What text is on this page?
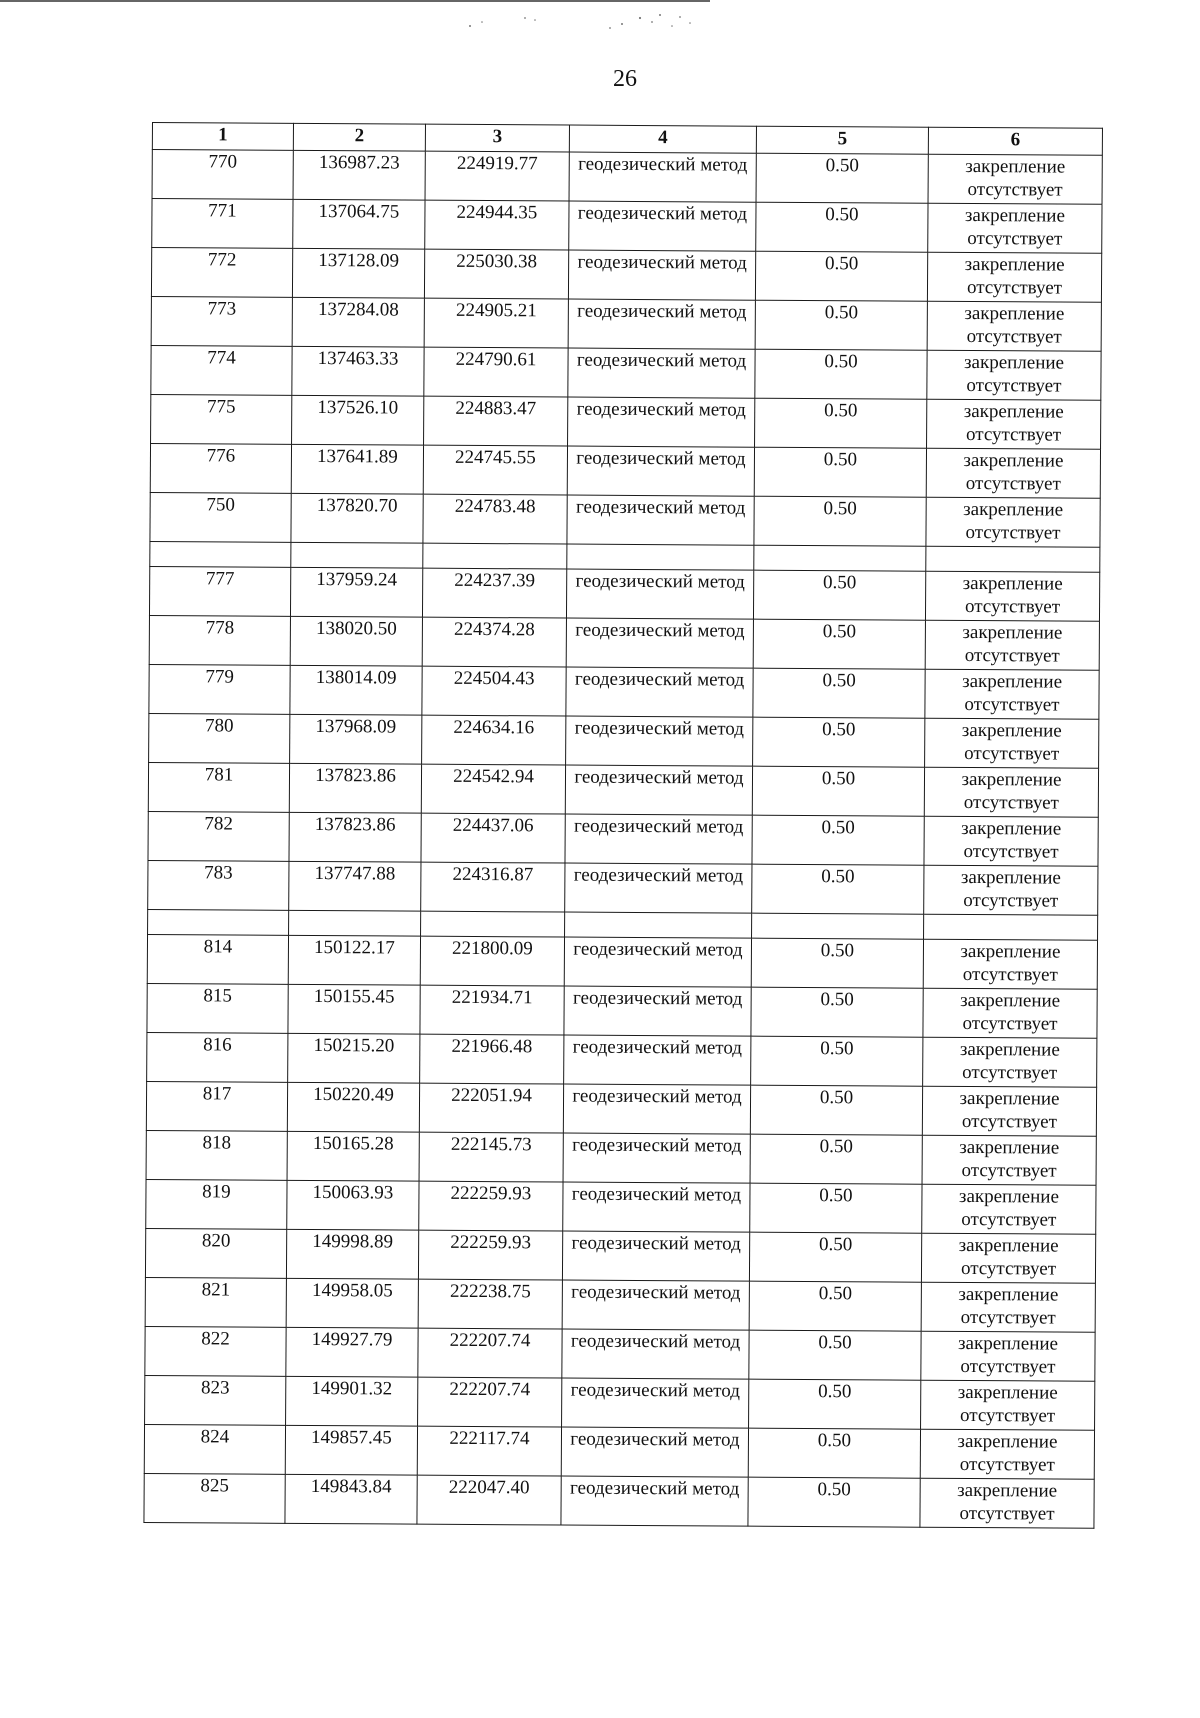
26
1	2	3	4	5	6
770	136987.23	224919.77	геодезический метод	0.50	закрепление отсутствует
771	137064.75	224944.35	геодезический метод	0.50	закрепление отсутствует
772	137128.09	225030.38	геодезический метод	0.50	закрепление отсутствует
773	137284.08	224905.21	геодезический метод	0.50	закрепление отсутствует
774	137463.33	224790.61	геодезический метод	0.50	закрепление отсутствует
775	137526.10	224883.47	геодезический метод	0.50	закрепление отсутствует
776	137641.89	224745.55	геодезический метод	0.50	закрепление отсутствует
750	137820.70	224783.48	геодезический метод	0.50	закрепление отсутствует

777	137959.24	224237.39	геодезический метод	0.50	закрепление отсутствует
778	138020.50	224374.28	геодезический метод	0.50	закрепление отсутствует
779	138014.09	224504.43	геодезический метод	0.50	закрепление отсутствует
780	137968.09	224634.16	геодезический метод	0.50	закрепление отсутствует
781	137823.86	224542.94	геодезический метод	0.50	закрепление отсутствует
782	137823.86	224437.06	геодезический метод	0.50	закрепление отсутствует
783	137747.88	224316.87	геодезический метод	0.50	закрепление отсутствует

814	150122.17	221800.09	геодезический метод	0.50	закрепление отсутствует
815	150155.45	221934.71	геодезический метод	0.50	закрепление отсутствует
816	150215.20	221966.48	геодезический метод	0.50	закрепление отсутствует
817	150220.49	222051.94	геодезический метод	0.50	закрепление отсутствует
818	150165.28	222145.73	геодезический метод	0.50	закрепление отсутствует
819	150063.93	222259.93	геодезический метод	0.50	закрепление отсутствует
820	149998.89	222259.93	геодезический метод	0.50	закрепление отсутствует
821	149958.05	222238.75	геодезический метод	0.50	закрепление отсутствует
822	149927.79	222207.74	геодезический метод	0.50	закрепление отсутствует
823	149901.32	222207.74	геодезический метод	0.50	закрепление отсутствует
824	149857.45	222117.74	геодезический метод	0.50	закрепление отсутствует
825	149843.84	222047.40	геодезический метод	0.50	закрепление отсутствует
